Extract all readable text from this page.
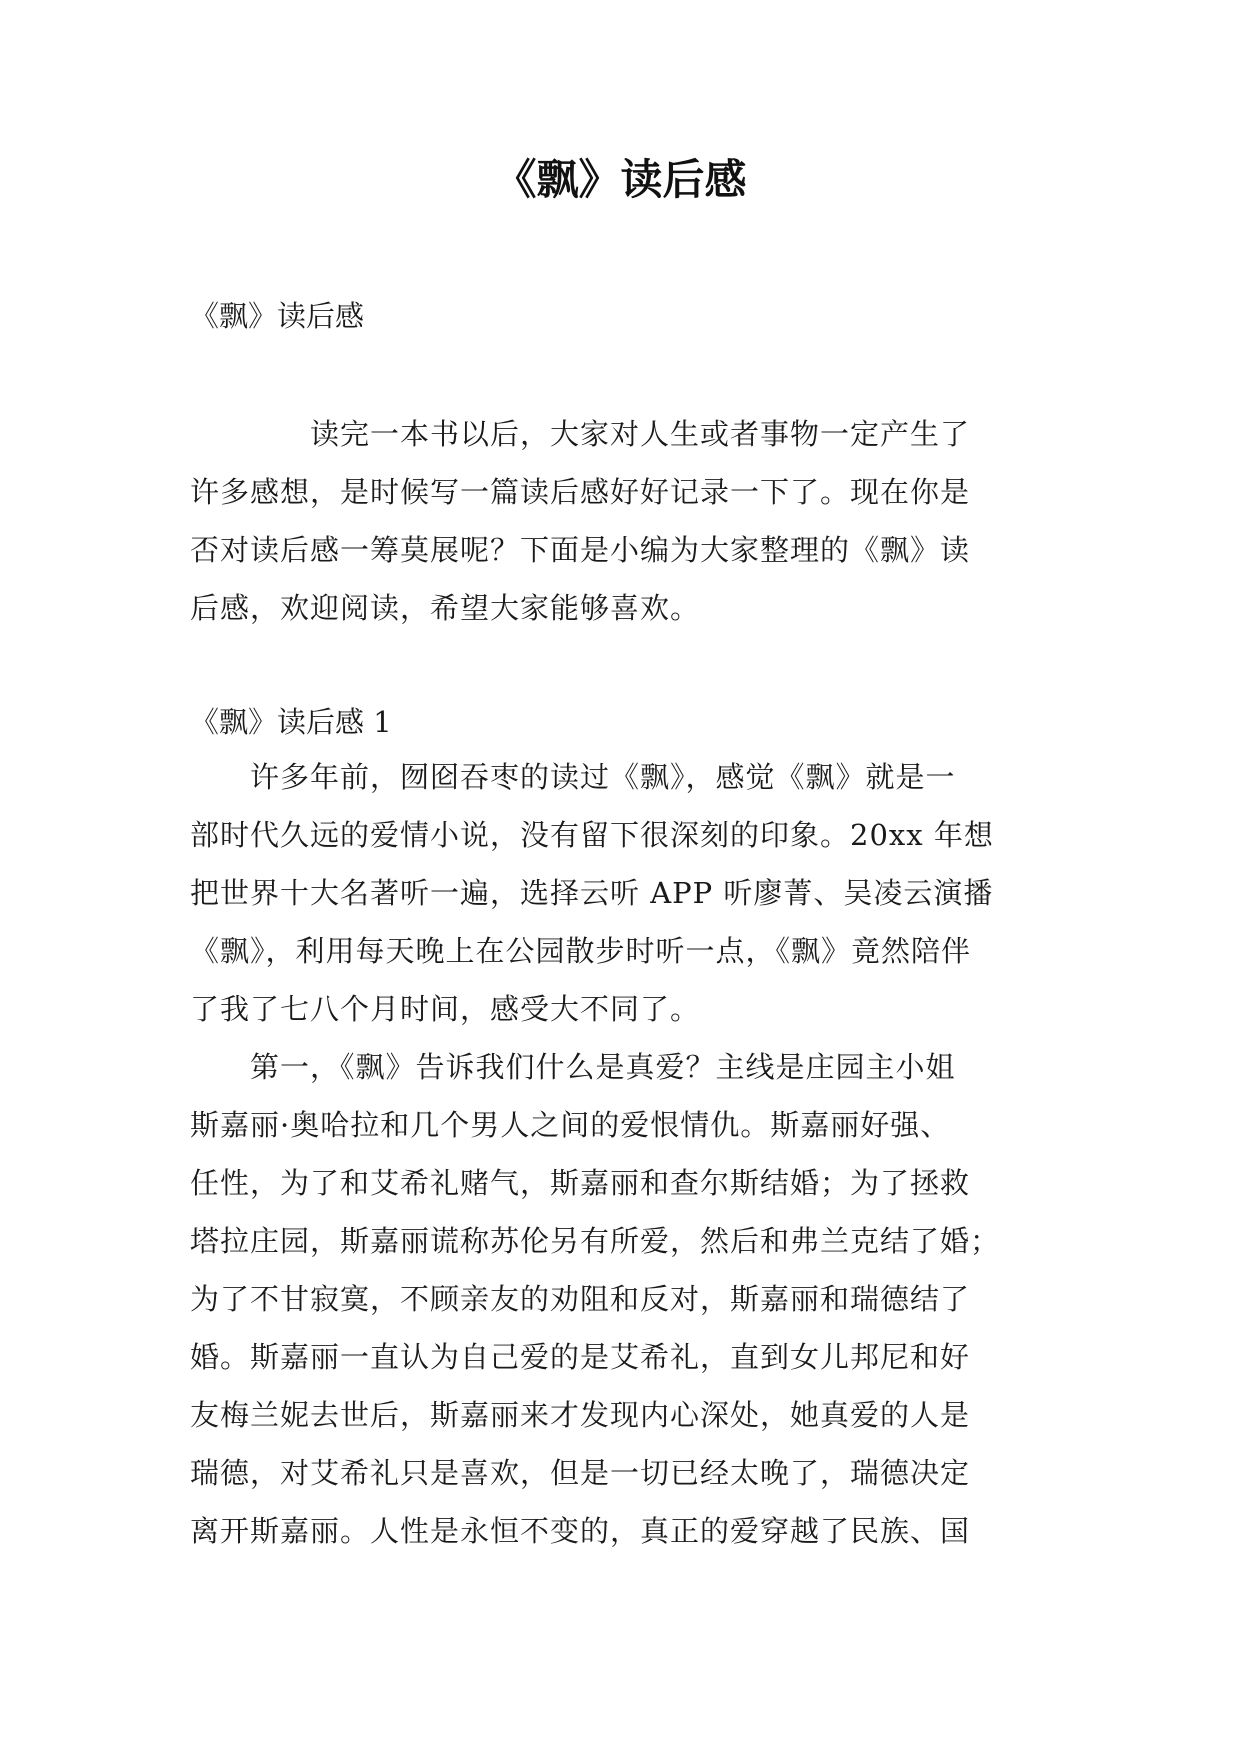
《飘》读后感

《飘》读后感

　　　　读完一本书以后，大家对人生或者事物一定产生了
许多感想，是时候写一篇读后感好好记录一下了。现在你是
否对读后感一筹莫展呢？下面是小编为大家整理的《飘》读
后感，欢迎阅读，希望大家能够喜欢。

《飘》读后感 1

　　许多年前，囫囵吞枣的读过《飘》，感觉《飘》就是一
部时代久远的爱情小说，没有留下很深刻的印象。20xx 年想
把世界十大名著听一遍，选择云听 APP 听廖菁、吴凌云演播
《飘》，利用每天晚上在公园散步时听一点，《飘》竟然陪伴
了我了七八个月时间，感受大不同了。
　　第一，《飘》告诉我们什么是真爱？主线是庄园主小姐
斯嘉丽·奥哈拉和几个男人之间的爱恨情仇。斯嘉丽好强、
任性，为了和艾希礼赌气，斯嘉丽和查尔斯结婚；为了拯救
塔拉庄园，斯嘉丽谎称苏伦另有所爱，然后和弗兰克结了婚；
为了不甘寂寞，不顾亲友的劝阻和反对，斯嘉丽和瑞德结了
婚。斯嘉丽一直认为自己爱的是艾希礼，直到女儿邦尼和好
友梅兰妮去世后，斯嘉丽来才发现内心深处，她真爱的人是
瑞德，对艾希礼只是喜欢，但是一切已经太晚了，瑞德决定
离开斯嘉丽。人性是永恒不变的，真正的爱穿越了民族、国
